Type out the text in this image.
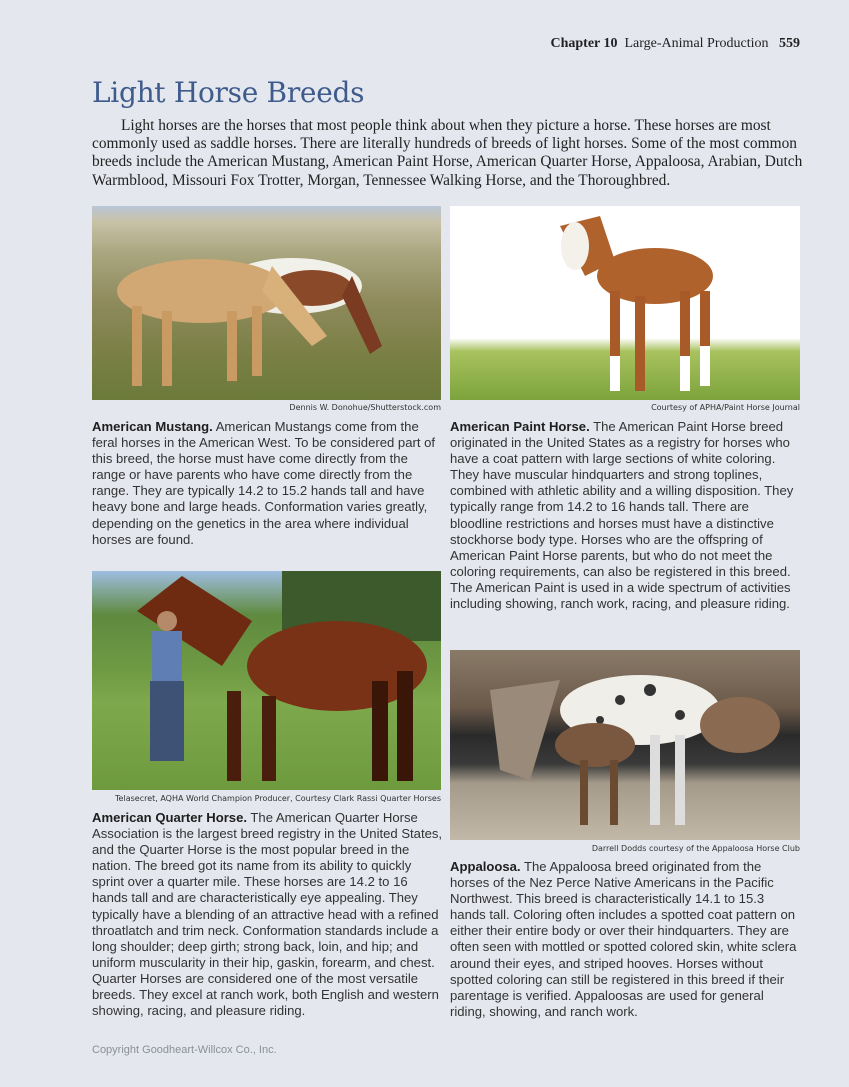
Chapter 10 Large-Animal Production 559
Light Horse Breeds
Light horses are the horses that most people think about when they picture a horse. These horses are most commonly used as saddle horses. There are literally hundreds of breeds of light horses. Some of the most common breeds include the American Mustang, American Paint Horse, American Quarter Horse, Appaloosa, Arabian, Dutch Warmblood, Missouri Fox Trotter, Morgan, Tennessee Walking Horse, and the Thoroughbred.
Dennis W. Donohue/Shutterstock.com
American Mustang. American Mustangs come from the feral horses in the American West. To be considered part of this breed, the horse must have come directly from the range or have parents who have come directly from the range. They are typically 14.2 to 15.2 hands tall and have heavy bone and large heads. Conformation varies greatly, depending on the genetics in the area where individual horses are found.
Courtesy of APHA/Paint Horse Journal
American Paint Horse. The American Paint Horse breed originated in the United States as a registry for horses who have a coat pattern with large sections of white coloring. They have muscular hindquarters and strong toplines, combined with athletic ability and a willing disposition. They typically range from 14.2 to 16 hands tall. There are bloodline restrictions and horses must have a distinctive stockhorse body type. Horses who are the offspring of American Paint Horse parents, but who do not meet the coloring requirements, can also be registered in this breed. The American Paint is used in a wide spectrum of activities including showing, ranch work, racing, and pleasure riding.
Telasecret, AQHA World Champion Producer, Courtesy Clark Rassi Quarter Horses
American Quarter Horse. The American Quarter Horse Association is the largest breed registry in the United States, and the Quarter Horse is the most popular breed in the nation. The breed got its name from its ability to quickly sprint over a quarter mile. These horses are 14.2 to 16 hands tall and are characteristically eye appealing. They typically have a blending of an attractive head with a refined throatlatch and trim neck. Conformation standards include a long shoulder; deep girth; strong back, loin, and hip; and uniform muscularity in their hip, gaskin, forearm, and chest. Quarter Horses are considered one of the most versatile breeds. They excel at ranch work, both English and western showing, racing, and pleasure riding.
Darrell Dodds courtesy of the Appaloosa Horse Club
Appaloosa. The Appaloosa breed originated from the horses of the Nez Perce Native Americans in the Pacific Northwest. This breed is characteristically 14.1 to 15.3 hands tall. Coloring often includes a spotted coat pattern on either their entire body or over their hindquarters. They are often seen with mottled or spotted colored skin, white sclera around their eyes, and striped hooves. Horses without spotted coloring can still be registered in this breed if their parentage is verified. Appaloosas are used for general riding, showing, and ranch work.
Copyright Goodheart-Willcox Co., Inc.
